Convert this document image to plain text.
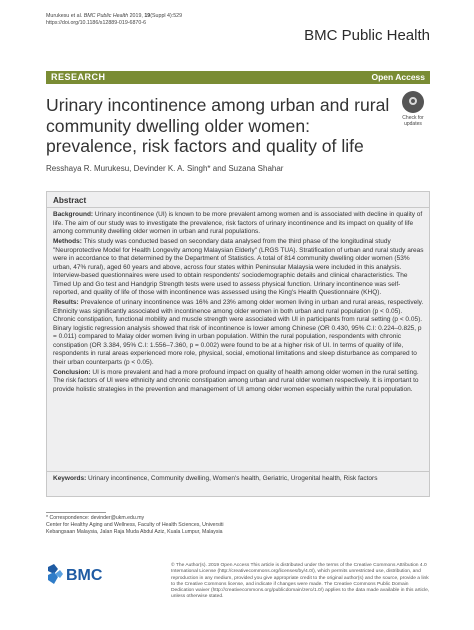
Murukesu et al. BMC Public Health 2019, 19(Suppl 4):529
https://doi.org/10.1186/s12889-019-6870-6
BMC Public Health
RESEARCH	Open Access
Urinary incontinence among urban and rural community dwelling older women: prevalence, risk factors and quality of life
Check for updates
Resshaya R. Murukesu, Devinder K. A. Singh* and Suzana Shahar
Abstract

Background: Urinary incontinence (UI) is known to be more prevalent among women and is associated with decline in quality of life. The aim of our study was to investigate the prevalence, risk factors of urinary incontinence and its impact on quality of life among community dwelling older women in urban and rural populations.

Methods: This study was conducted based on secondary data analysed from the third phase of the longitudinal study "Neuroprotective Model for Health Longevity among Malaysian Elderly" (LRGS TUA). Stratification of urban and rural study areas were in accordance to that determined by the Department of Statistics. A total of 814 community dwelling older women (53% urban, 47% rural), aged 60 years and above, across four states within Peninsular Malaysia were included in this analysis. Interview-based questionnaires were used to obtain respondents' sociodemographic details and clinical characteristics. The Timed Up and Go test and Handgrip Strength tests were used to assess physical function. Urinary incontinence was self-reported, and quality of life of those with incontinence was assessed using the King's Health Questionnaire (KHQ).

Results: Prevalence of urinary incontinence was 16% and 23% among older women living in urban and rural areas, respectively. Ethnicity was significantly associated with incontinence among older women in both urban and rural population (p < 0.05). Chronic constipation, functional mobility and muscle strength were associated with UI in participants from rural setting (p < 0.05). Binary logistic regression analysis showed that risk of incontinence is lower among Chinese (OR 0.430, 95% C.I: 0.224–0.825, p = 0.011) compared to Malay older women living in urban population. Within the rural population, respondents with chronic constipation (OR 3.384, 95% C.I: 1.556–7.360, p = 0.002) were found to be at a higher risk of UI. In terms of quality of life, respondents in rural areas experienced more role, physical, social, emotional limitations and sleep disturbance as compared to their urban counterparts (p < 0.05).

Conclusion: UI is more prevalent and had a more profound impact on quality of health among older women in the rural setting. The risk factors of UI were ethnicity and chronic constipation among urban and rural older women respectively. It is important to provide holistic strategies in the prevention and management of UI among older women especially within the rural population.

Keywords: Urinary incontinence, Community dwelling, Women's health, Geriatric, Urogenital health, Risk factors
* Correspondence: devinder@ukm.edu.my
Center for Healthy Aging and Wellness, Faculty of Health Sciences, Universiti Kebangsaan Malaysia, Jalan Raja Muda Abdul Aziz, Kuala Lumpur, Malaysia
BMC
© The Author(s). 2019 Open Access This article is distributed under the terms of the Creative Commons Attribution 4.0 International License (http://creativecommons.org/licenses/by/4.0/), which permits unrestricted use, distribution, and reproduction in any medium, provided you give appropriate credit to the original author(s) and the source, provide a link to the Creative Commons license, and indicate if changes were made. The Creative Commons Public Domain Dedication waiver (http://creativecommons.org/publicdomain/zero/1.0/) applies to the data made available in this article, unless otherwise stated.
